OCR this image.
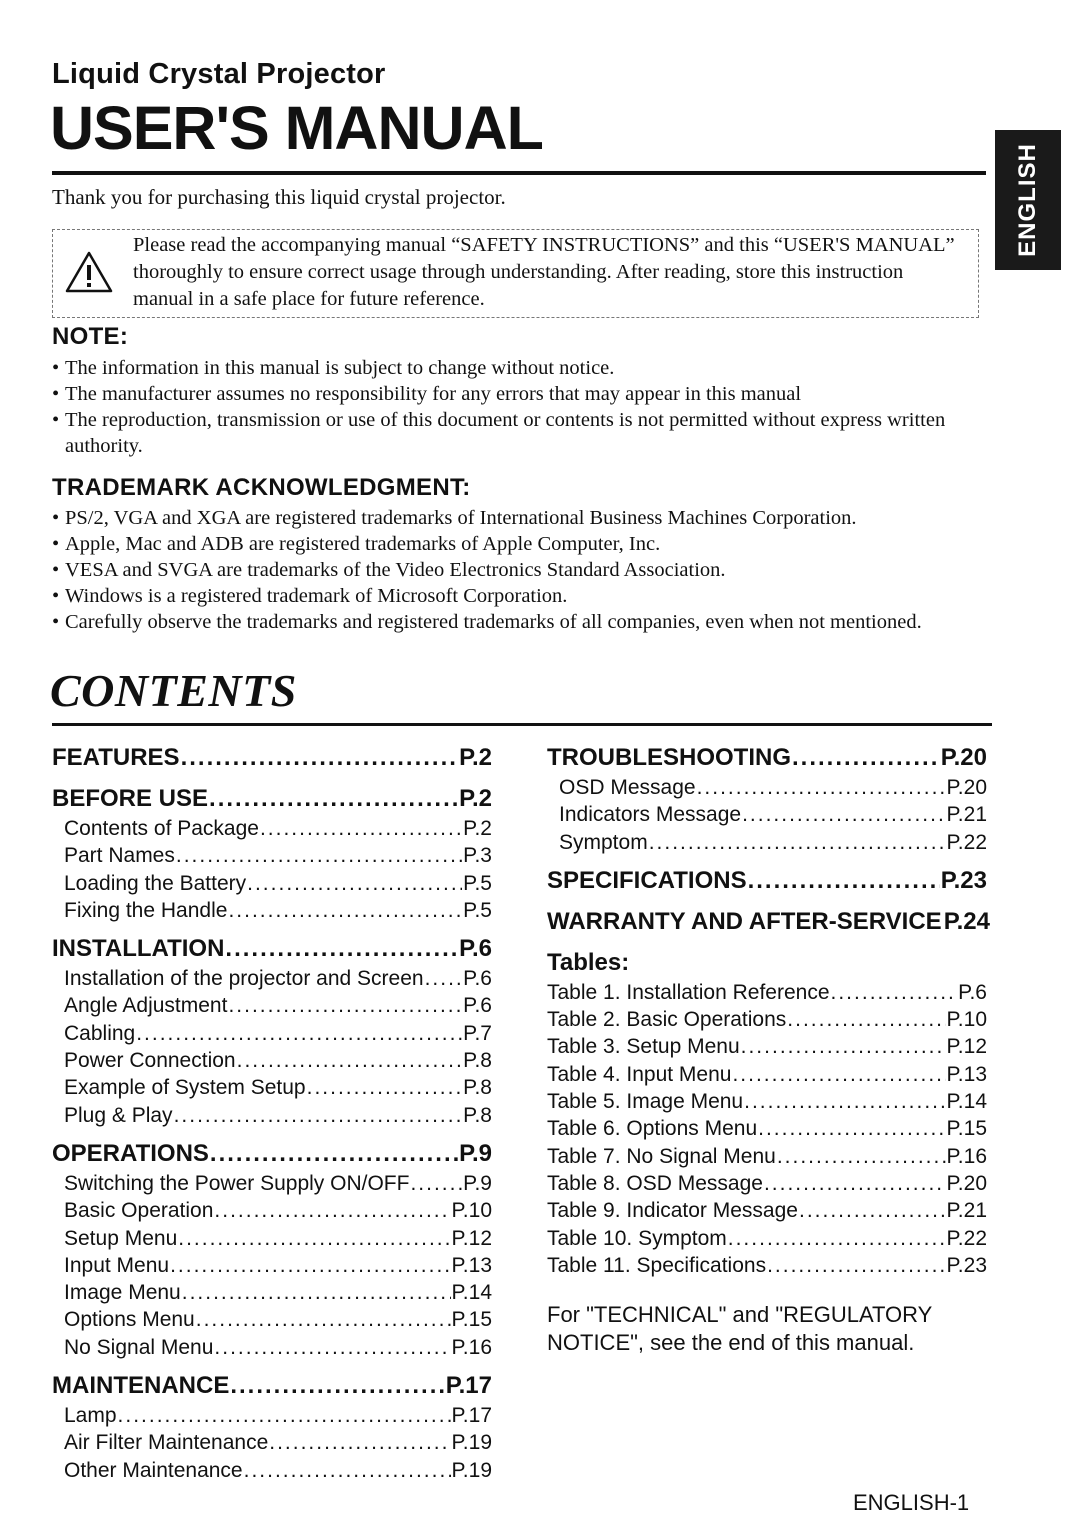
Liquid Crystal Projector
USER'S MANUAL
ENGLISH
Thank you for purchasing this liquid crystal projector.
Please read the accompanying manual “SAFETY INSTRUCTIONS” and this “USER'S MANUAL” thoroughly to ensure correct usage through understanding. After reading, store this instruction manual in a safe place for future reference.
NOTE:
• The information in this manual is subject to change without notice.
• The manufacturer assumes no responsibility for any errors that may appear in this manual
• The reproduction, transmission or use of this document or contents is not permitted without express written authority.
TRADEMARK ACKNOWLEDGMENT:
• PS/2, VGA and XGA are registered trademarks of International Business Machines Corporation.
• Apple, Mac and ADB are registered trademarks of Apple Computer, Inc.
• VESA and SVGA are trademarks of the Video Electronics Standard Association.
• Windows is a registered trademark of Microsoft Corporation.
• Carefully observe the trademarks and registered trademarks of all companies, even when not mentioned.
CONTENTS
FEATURES .....	P.2
BEFORE USE .....	P.2
Contents of Package .....	P.2
Part Names .....	P.3
Loading the Battery .....	P.5
Fixing the Handle .....	P.5
INSTALLATION .....	P.6
Installation of the projector and Screen ..... P.6
Angle Adjustment .....	P.6
Cabling .....	P.7
Power Connection .....	P.8
Example of System Setup .....	P.8
Plug & Play .....	P.8
OPERATIONS .....	P.9
Switching the Power Supply ON/OFF .....	P.9
Basic Operation .....	P.10
Setup Menu .....	P.12
Input Menu .....	P.13
Image Menu .....	P.14
Options Menu .....	P.15
No Signal Menu .....	P.16
MAINTENANCE .....	P.17
Lamp .....	P.17
Air Filter Maintenance .....	P.19
Other Maintenance .....	P.19
TROUBLESHOOTING .....	P.20
OSD Message .....	P.20
Indicators Message .....	P.21
Symptom .....	P.22
SPECIFICATIONS .....	P.23
WARRANTY AND AFTER-SERVICE P.24
Tables:
Table 1. Installation Reference .....	P.6
Table 2. Basic Operations .....	P.10
Table 3. Setup Menu .....	P.12
Table 4. Input Menu .....	P.13
Table 5. Image Menu .....	P.14
Table 6. Options Menu .....	P.15
Table 7. No Signal Menu .....	P.16
Table 8. OSD Message .....	P.20
Table 9. Indicator Message .....	P.21
Table 10. Symptom .....	P.22
Table 11. Specifications .....	P.23
For "TECHNICAL" and "REGULATORY NOTICE", see the end of this manual.
ENGLISH-1
